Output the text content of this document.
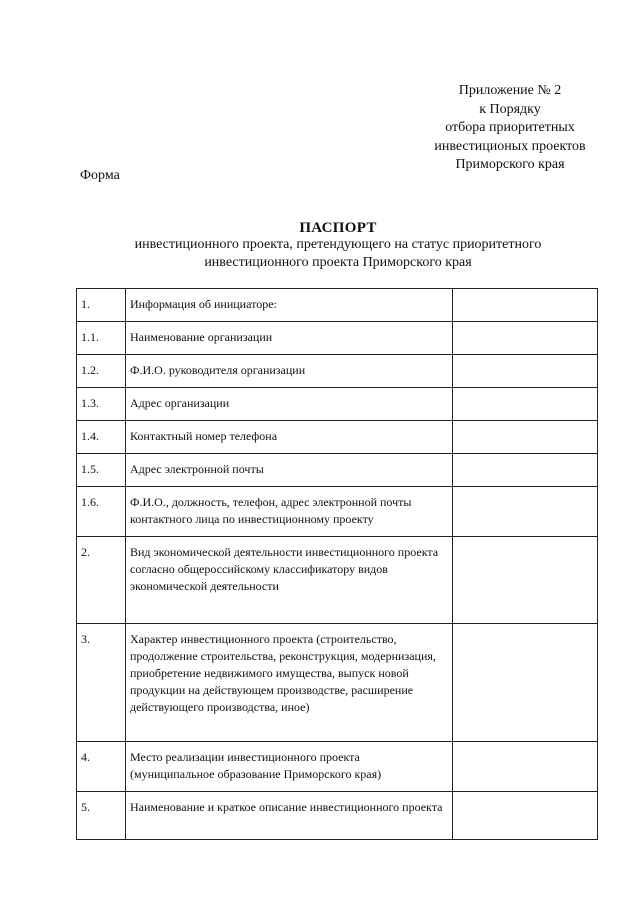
Приложение № 2
к Порядку
отбора приоритетных
инвестиционых проектов
Приморского края
Форма
ПАСПОРТ
инвестиционного проекта, претендующего на статус приоритетного
инвестиционного проекта Приморского края
1.	Информация об инициаторе:	
1.1.	Наименование организации	
1.2.	Ф.И.О. руководителя организации	
1.3.	Адрес организации	
1.4.	Контактный номер телефона	
1.5.	Адрес электронной почты	
1.6.	Ф.И.О., должность, телефон, адрес электронной почты контактного лица по инвестиционному проекту	
2.	Вид экономической деятельности инвестиционного проекта согласно общероссийскому классификатору видов экономической деятельности	
3.	Характер инвестиционного проекта (строительство, продолжение строительства, реконструкция, модернизация, приобретение недвижимого имущества, выпуск новой продукции на действующем производстве, расширение действующего производства, иное)	
4.	Место реализации инвестиционного проекта (муниципальное образование Приморского края)	
5.	Наименование и краткое описание инвестиционного проекта	
